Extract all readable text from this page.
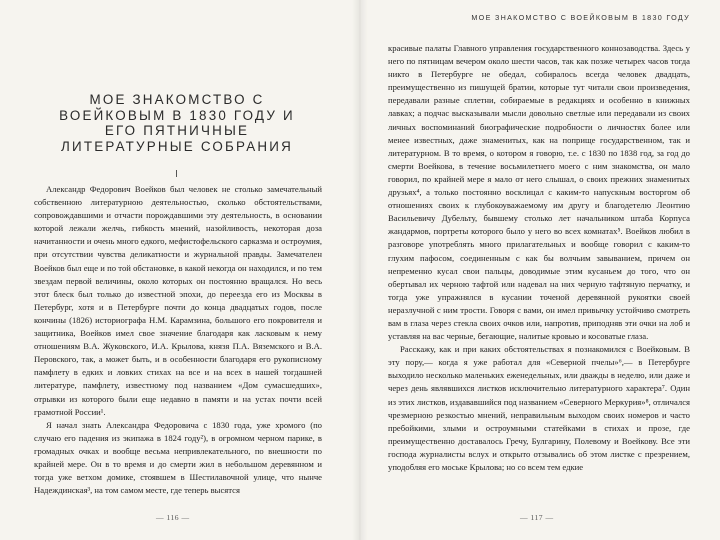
МОЕ ЗНАКОМСТВО С ВОЕЙКОВЫМ В 1830 ГОДУ И ЕГО ПЯТНИЧНЫЕ ЛИТЕРАТУРНЫЕ СОБРАНИЯ

Александр Федорович Воейков был человек не столько замечательный собственною литературною деятельностью, сколько обстоятельствами, сопровождавшими и отчасти порождавшими эту деятельность, в основании которой лежали желчь, гибкость мнений, назойливость, некоторая доза начитанности и очень много едкого, мефистофельского сарказма и остроумия, при отсутствии чувства деликатности и журнальной правды. Замечателен Воейков был еще и по той обстановке, в какой некогда он находился, и по тем звездам первой величины, около которых он постоянно вращался. Но весь этот блеск был только до известной эпохи, до переезда его из Москвы в Петербург, хотя и в Петербурге почти до конца двадцатых годов, после кончины (1826) историографа Н.М. Карамзина, большого его покровителя и защитника, Воейков имел свое значение благодаря как ласковым к нему отношениям В.А. Жуковского, И.А. Крылова, князя П.А. Вяземского и В.А. Перовского, так, а может быть, и в особенности благодаря его рукописному памфлету в едких и ловких стихах на все и на всех в нашей тогдашней литературе, памфлету, известному под названием «Дом сумасшедших», отрывки из которого были еще недавно в памяти и на устах почти всей грамотной России¹.

Я начал знать Александра Федоровича с 1830 года, уже хромого (по случаю его падения из экипажа в 1824 году²), в огромном черном парике, в громадных очках и вообще весьма непривлекательного, по внешности по крайней мере. Он в то время и до смерти жил в небольшом деревянном и тогда уже ветхом домике, стоявшем в Шестилавочной улице, что нынче Надеждинская³, на том самом месте, где теперь высятся

— 116 —
МОЕ ЗНАКОМСТВО С ВОЕЙКОВЫМ В 1830 ГОДУ

красивые палаты Главного управления государственного коннозаводства. Здесь у него по пятницам вечером около шести часов, так как позже четырех часов тогда никто в Петербурге не обедал, собиралось всегда человек двадцать, преимущественно из пишущей братии, которые тут читали свои произведения, передавали разные сплетни, собираемые в редакциях и особенно в книжных лавках; а подчас высказывали мысли довольно светлые или передавали из своих личных воспоминаний биографические подробности о личностях более или менее известных, даже знаменитых, как на поприще государственном, так и литературном. В то время, о котором я говорю, т.е. с 1830 по 1838 год, за год до смерти Воейкова, в течение восьмилетнего моего с ним знакомства, он мало говорил, по крайней мере я мало от него слышал, о своих прежних знаменитых друзьях⁴, а только постоянно восклицал с каким-то напускным восторгом об отношениях своих к глубокоуважаемому им другу и благодетелю Леонтию Васильевичу Дубельту, бывшему столько лет начальником штаба Корпуса жандармов, портреты которого было у него во всех комнатах⁵. Воейков любил в разговоре употреблять много прилагательных и вообще говорил с каким-то глухим пафосом, соединенным с как бы волчьим завыванием, причем он непременно кусал свои пальцы, доводимые этим кусаньем до того, что он обертывал их черною тафтой или надевал на них черную тафтяную перчатку, и тогда уже упражнялся в кусании точеной деревянной рукоятки своей неразлучной с ним трости. Говоря с вами, он имел привычку устойчиво смотреть вам в глаза через стекла своих очков или, напротив, приподняв эти очки на лоб и уставляя на вас черные, бегающие, налитые кровью и косоватые глаза.

Расскажу, как и при каких обстоятельствах я познакомился с Воейковым. В эту пору,— когда я уже работал для «Северной пчелы»⁶,— в Петербурге выходило несколько маленьких еженедельных, или дважды в неделю, или даже и через день являвшихся листков исключительно литературного характера⁷. Один из этих листков, издававшийся под названием «Северного Меркурия»⁸, отличался чрезмерною резкостью мнений, неправильным выходом своих номеров и часто пребойкими, злыми и остроумными статейками в стихах и прозе, где преимущественно доставалось Гречу, Булгарину, Полевому и Воейкову. Все эти господа журналисты вслух и открыто отзывались об этом листке с презрением, уподобляя его моське Крылова; но со всем тем едкие

— 117 —
